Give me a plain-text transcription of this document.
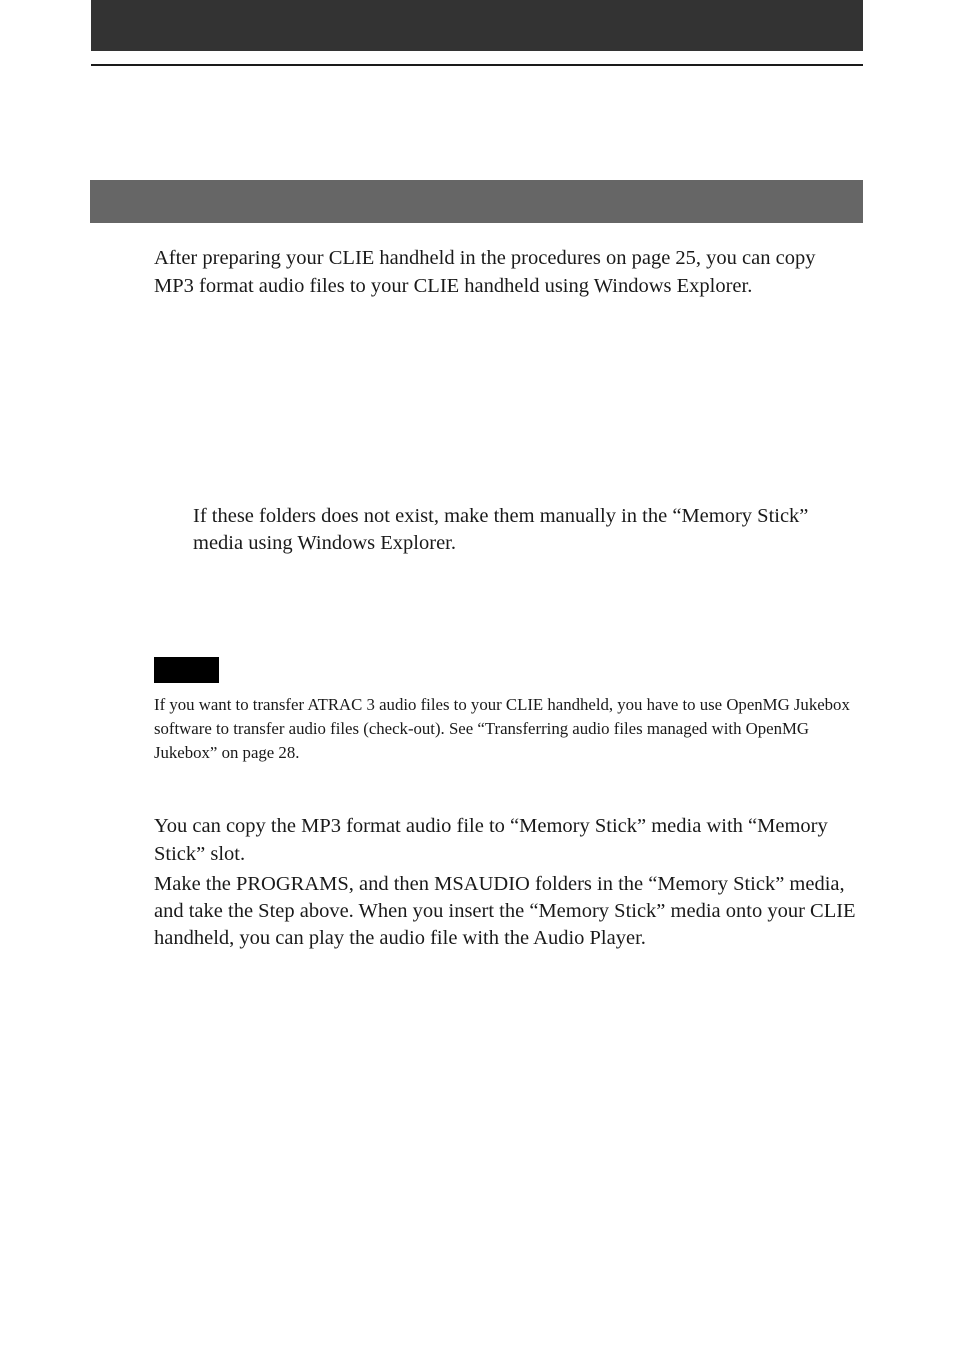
After preparing your CLIE handheld in the procedures on page 25, you can copy MP3 format audio files to your CLIE handheld using Windows Explorer.

If these folders does not exist, make them manually in the “Memory Stick” media using Windows Explorer.

If you want to transfer ATRAC 3 audio files to your CLIE handheld, you have to use OpenMG Jukebox software to transfer audio files (check-out). See “Transferring audio files managed with OpenMG Jukebox” on page 28.

You can copy the MP3 format audio file to “Memory Stick” media with “Memory Stick” slot.

Make the PROGRAMS, and then MSAUDIO folders in the “Memory Stick” media, and take the Step above. When you insert the “Memory Stick” media onto your CLIE handheld, you can play the audio file with the Audio Player.
